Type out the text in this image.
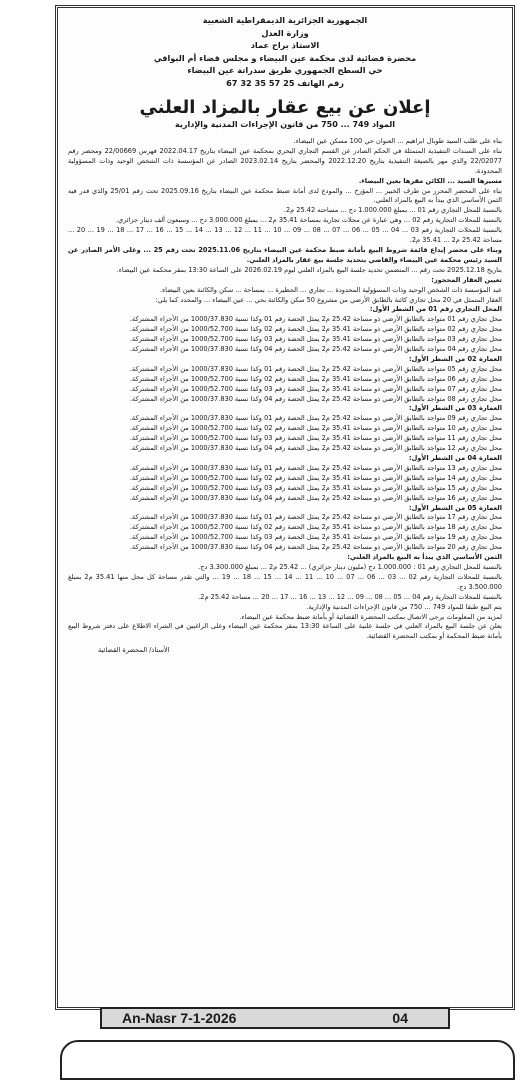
الجمهورية الجزائرية الديمقراطية الشعبية
وزارة العدل
الاستاذ براح عماد
محضرة قضائية لدى محكمة عين البيضاء و مجلس قضاء أم البواقي
حي السطح الجمهوري طريق سدراتة عين البيضاء
رقم الهاتف 25 57 35 32 67
إعلان عن بيع عقار بالمزاد العلني
المواد 749 ... 750 من قانون الإجراءات المدنية والإدارية

بناء على طلب السيد طوبال ابراهيم ... العنوان حي 100 مسكن عين البيضاء.

بناء على السندات التنفيذية المتمثلة في الحكم الصادر عن القسم التجاري البحري بمحكمة عين البيضاء بتاريخ 2022.04.17 فهرس 22/00669 ومحضر رقم 22/02077 والذي مهر بالصيغة التنفيذية بتاريخ 2022.12.20 والمحضر بتاريخ 2023.02.14 الصادر عن المؤسسة ذات الشخص الوحيد وذات المسؤولية المحدودة.

مسيرها السيد ... الكائن مقرها بعين البيضاء.

بناء على المحضر المحرر من طرف الخبير ... المؤرخ ... والمودع لدى أمانة ضبط محكمة عين البيضاء بتاريخ 2025.09.16 تحت رقم 25/01 والذي قدر فيه الثمن الأساسي الذي يبدأ به البيع بالمزاد العلني.

بالنسبة للمحل التجاري رقم 01 ... بمبلغ 1.000.000 دج ... مساحته 25.42 م2.

بالنسبة للمحلات التجارية رقم 02 ... وهي عبارة عن محلات تجارية بمساحة 35.41 م2 ... بمبلغ 3.000.000 دج ... وسبعون ألف دينار جزائري.

بالنسبة للمحلات التجارية رقم 03 ... 04 ... 05 ... 06 ... 07 ... 08 ... 09 ... 10 ... 11 ... 12 ... 13 ... 14 ... 15 ... 16 ... 17 ... 18 ... 19 ... 20 ... مساحة 25.42 م2 ... 35.41 م2.

وبناء على محضر إيداع قائمة شروط البيع بأمانة ضبط محكمة عين البيضاء بتاريخ 2025.11.06 تحت رقم 25 ... وعلى الأمر الصادر عن السيد رئيس محكمة عين البيضاء والقاضي بتحديد جلسة بيع عقار بالمزاد العلني.

بتاريخ 2025.12.18 تحت رقم ... المتضمن تحديد جلسة البيع بالمزاد العلني ليوم 2026.02.19 على الساعة 13:30 بمقر محكمة عين البيضاء.

تعيين العقار المحجوز:

عبد المؤسسة ذات الشخص الوحيد وذات المسؤولية المحدودة ... تجاري ... الحظيرة ... بمساحة ... سكن والكائنة بعين البيضاء.

العقار المتمثل في 20 محل تجاري كائنة بالطابق الأرضي من مشروع 50 سكن والكائنة بحي ... عين البيضاء ... والمحدد كما يلي:

المحل التجاري رقم 01 من الشطر الأول:

محل تجاري رقم 01 متواجد بالطابق الأرضي ذو مساحة 25.42 م2 يمثل الحصة رقم 01 وكذا نسبة 1000/37.830 من الأجزاء المشتركة.

محل تجاري رقم 02 متواجد بالطابق الأرضي ذو مساحة 35.41 م2 يمثل الحصة رقم 02 وكذا نسبة 1000/52.700 من الأجزاء المشتركة.

محل تجاري رقم 03 متواجد بالطابق الأرضي ذو مساحة 35.41 م2 يمثل الحصة رقم 03 وكذا نسبة 1000/52.700 من الأجزاء المشتركة.

محل تجاري رقم 04 متواجد بالطابق الأرضي ذو مساحة 25.42 م2 يمثل الحصة رقم 04 وكذا نسبة 1000/37.830 من الأجزاء المشتركة.

العمارة 02 من الشطر الأول:

محل تجاري رقم 05 متواجد بالطابق الأرضي ذو مساحة 25.42 م2 يمثل الحصة رقم 01 وكذا نسبة 1000/37.830 من الأجزاء المشتركة.

محل تجاري رقم 06 متواجد بالطابق الأرضي ذو مساحة 35.41 م2 يمثل الحصة رقم 02 وكذا نسبة 1000/52.700 من الأجزاء المشتركة.

محل تجاري رقم 07 متواجد بالطابق الأرضي ذو مساحة 35.41 م2 يمثل الحصة رقم 03 وكذا نسبة 1000/52.700 من الأجزاء المشتركة.

محل تجاري رقم 08 متواجد بالطابق الأرضي ذو مساحة 25.42 م2 يمثل الحصة رقم 04 وكذا نسبة 1000/37.830 من الأجزاء المشتركة.

العمارة 03 من الشطر الأول:

محل تجاري رقم 09 متواجد بالطابق الأرضي ذو مساحة 25.42 م2 يمثل الحصة رقم 01 وكذا نسبة 1000/37.830 من الأجزاء المشتركة.

محل تجاري رقم 10 متواجد بالطابق الأرضي ذو مساحة 35.41 م2 يمثل الحصة رقم 02 وكذا نسبة 1000/52.700 من الأجزاء المشتركة.

محل تجاري رقم 11 متواجد بالطابق الأرضي ذو مساحة 35.41 م2 يمثل الحصة رقم 03 وكذا نسبة 1000/52.700 من الأجزاء المشتركة.

محل تجاري رقم 12 متواجد بالطابق الأرضي ذو مساحة 25.42 م2 يمثل الحصة رقم 04 وكذا نسبة 1000/37.830 من الأجزاء المشتركة.

العمارة 04 من الشطر الأول:

محل تجاري رقم 13 متواجد بالطابق الأرضي ذو مساحة 25.42 م2 يمثل الحصة رقم 01 وكذا نسبة 1000/37.830 من الأجزاء المشتركة.

محل تجاري رقم 14 متواجد بالطابق الأرضي ذو مساحة 35.41 م2 يمثل الحصة رقم 02 وكذا نسبة 1000/52.700 من الأجزاء المشتركة.

محل تجاري رقم 15 متواجد بالطابق الأرضي ذو مساحة 35.41 م2 يمثل الحصة رقم 03 وكذا نسبة 1000/52.700 من الأجزاء المشتركة.

محل تجاري رقم 16 متواجد بالطابق الأرضي ذو مساحة 25.42 م2 يمثل الحصة رقم 04 وكذا نسبة 1000/37.830 من الأجزاء المشتركة.

العمارة 05 من الشطر الأول:

محل تجاري رقم 17 متواجد بالطابق الأرضي ذو مساحة 25.42 م2 يمثل الحصة رقم 01 وكذا نسبة 1000/37.830 من الأجزاء المشتركة.

محل تجاري رقم 18 متواجد بالطابق الأرضي ذو مساحة 35.41 م2 يمثل الحصة رقم 02 وكذا نسبة 1000/52.700 من الأجزاء المشتركة.

محل تجاري رقم 19 متواجد بالطابق الأرضي ذو مساحة 35.41 م2 يمثل الحصة رقم 03 وكذا نسبة 1000/52.700 من الأجزاء المشتركة.

محل تجاري رقم 20 متواجد بالطابق الأرضي ذو مساحة 25.42 م2 يمثل الحصة رقم 04 وكذا نسبة 1000/37.830 من الأجزاء المشتركة.

الثمن الأساسي الذي يبدأ به البيع بالمزاد العلني:

بالنسبة للمحل التجاري رقم 01 : 1.000.000 دج (مليون دينار جزائري) ... 25.42 م2 ... بمبلغ 3.300.000 دج.

بالنسبة للمحلات التجارية رقم 02 ... 03 ... 06 ... 07 ... 10 ... 11 ... 14 ... 15 ... 18 ... 19 ... والتي تقدر مساحة كل محل منها 35.41 م2 بمبلغ 3.500.000 دج.

بالنسبة للمحلات التجارية رقم 04 ... 05 ... 08 ... 09 ... 12 ... 13 ... 16 ... 17 ... 20 ... مساحة 25.42 م2.

يتم البيع طبقا للمواد 749 ... 750 من قانون الإجراءات المدنية والإدارية.

لمزيد من المعلومات يرجى الاتصال بمكتب المحضرة القضائية أو بأمانة ضبط محكمة عين البيضاء.

يعلن عن جلسة البيع بالمزاد العلني في جلسة علنية على الساعة 13:30 بمقر محكمة عين البيضاء وعلى الراغبين في الشراء الاطلاع على دفتر شروط البيع بأمانة ضبط المحكمة أو بمكتب المحضرة القضائية.

الأستاذ/ المحضرة القضائية
An-Nasr 7-1-2026	04
